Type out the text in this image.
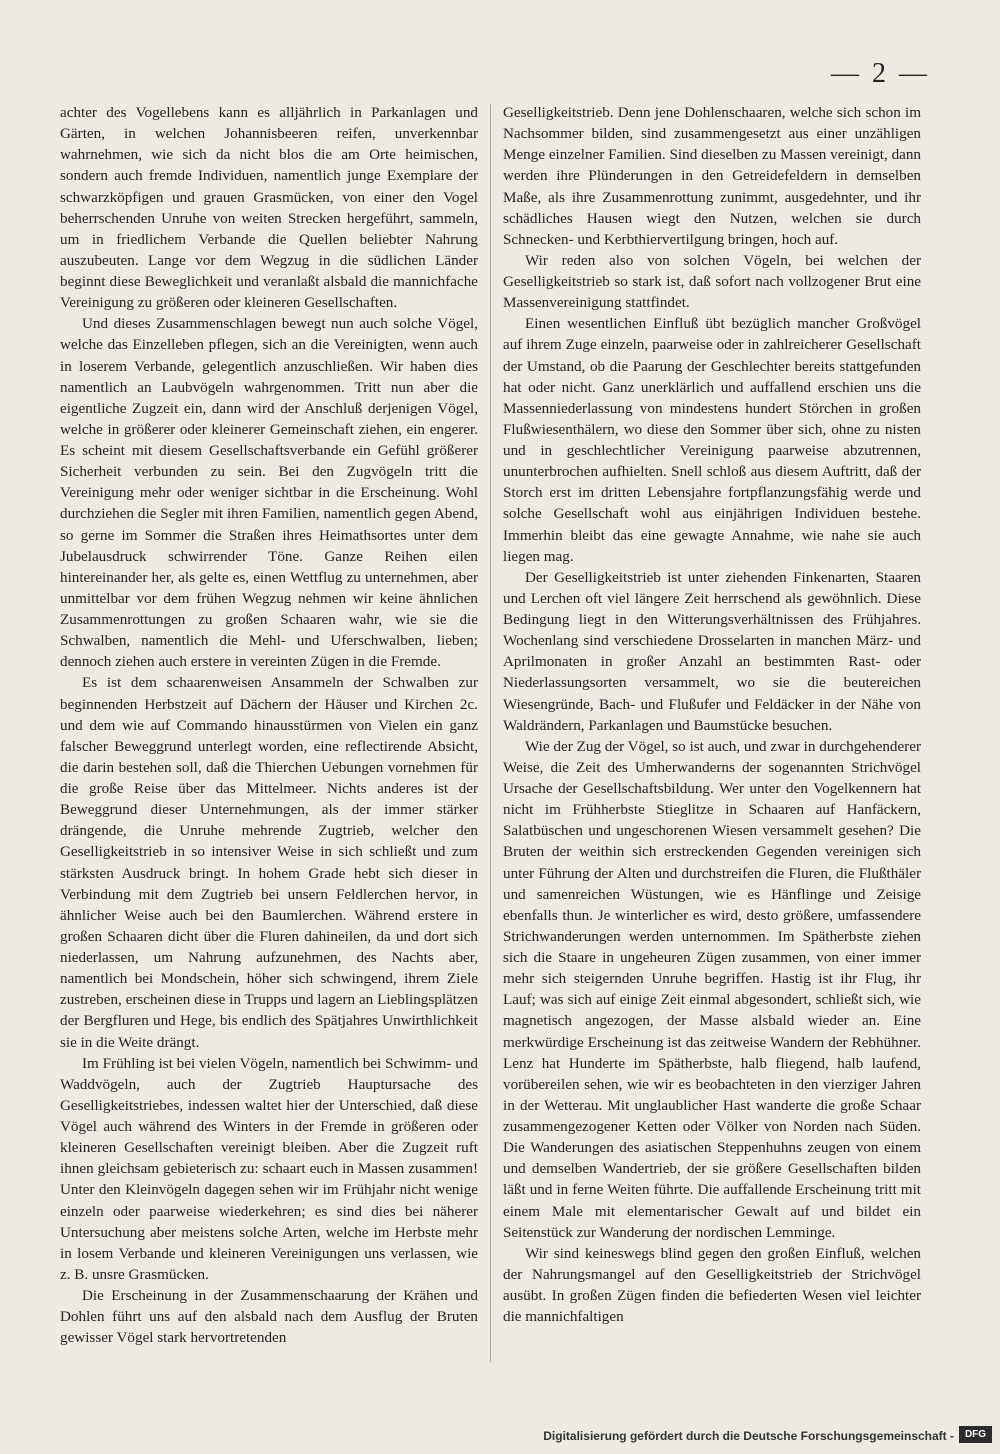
— 2 —

achter des Vogellebens kann es alljährlich in Parkanlagen und Gärten, in welchen Johannisbeeren reifen, unverkennbar wahrnehmen, wie sich da nicht blos die am Orte heimischen, sondern auch fremde Individuen, namentlich junge Exemplare der schwarzköpfigen und grauen Grasmücken, von einer den Vogel beherrschenden Unruhe von weiten Strecken hergeführt, sammeln, um in friedlichem Verbande die Quellen beliebter Nahrung auszubeuten. Lange vor dem Wegzug in die südlichen Länder beginnt diese Beweglichkeit und veranlaßt alsbald die mannichfache Vereinigung zu größeren oder kleineren Gesellschaften.

Und dieses Zusammenschlagen bewegt nun auch solche Vögel, welche das Einzelleben pflegen, sich an die Vereinigten, wenn auch in loserem Verbande, gelegentlich anzuschließen. Wir haben dies namentlich an Laubvögeln wahrgenommen. Tritt nun aber die eigentliche Zugzeit ein, dann wird der Anschluß derjenigen Vögel, welche in größerer oder kleinerer Gemeinschaft ziehen, ein engerer. Es scheint mit diesem Gesellschaftsverbande ein Gefühl größerer Sicherheit verbunden zu sein. Bei den Zugvögeln tritt die Vereinigung mehr oder weniger sichtbar in die Erscheinung. Wohl durchziehen die Segler mit ihren Familien, namentlich gegen Abend, so gerne im Sommer die Straßen ihres Heimathsortes unter dem Jubelausdruck schwirrender Töne. Ganze Reihen eilen hintereinander her, als gelte es, einen Wettflug zu unternehmen, aber unmittelbar vor dem frühen Wegzug nehmen wir keine ähnlichen Zusammenrottungen zu großen Schaaren wahr, wie sie die Schwalben, namentlich die Mehl- und Uferschwalben, lieben; dennoch ziehen auch erstere in vereinten Zügen in die Fremde.

Es ist dem schaarenweisen Ansammeln der Schwalben zur beginnenden Herbstzeit auf Dächern der Häuser und Kirchen 2c. und dem wie auf Commando hinausstürmen von Vielen ein ganz falscher Beweggrund unterlegt worden, eine reflectirende Absicht, die darin bestehen soll, daß die Thierchen Uebungen vornehmen für die große Reise über das Mittelmeer. Nichts anderes ist der Beweggrund dieser Unternehmungen, als der immer stärker drängende, die Unruhe mehrende Zugtrieb, welcher den Geselligkeitstrieb in so intensiver Weise in sich schließt und zum stärksten Ausdruck bringt. In hohem Grade hebt sich dieser in Verbindung mit dem Zugtrieb bei unsern Feldlerchen hervor, in ähnlicher Weise auch bei den Baumlerchen. Während erstere in großen Schaaren dicht über die Fluren dahineilen, da und dort sich niederlassen, um Nahrung aufzunehmen, des Nachts aber, namentlich bei Mondschein, höher sich schwingend, ihrem Ziele zustreben, erscheinen diese in Trupps und lagern an Lieblingsplätzen der Bergfluren und Hege, bis endlich des Spätjahres Unwirthlichkeit sie in die Weite drängt.

Im Frühling ist bei vielen Vögeln, namentlich bei Schwimm- und Waddvögeln, auch der Zugtrieb Hauptursache des Geselligkeitstriebes, indessen waltet hier der Unterschied, daß diese Vögel auch während des Winters in der Fremde in größeren oder kleineren Gesellschaften vereinigt bleiben. Aber die Zugzeit ruft ihnen gleichsam gebieterisch zu: schaart euch in Massen zusammen! Unter den Kleinvögeln dagegen sehen wir im Frühjahr nicht wenige einzeln oder paarweise wiederkehren; es sind dies bei näherer Untersuchung aber meistens solche Arten, welche im Herbste mehr in losem Verbande und kleineren Vereinigungen uns verlassen, wie z. B. unsre Grasmücken.

Die Erscheinung in der Zusammenschaarung der Krähen und Dohlen führt uns auf den alsbald nach dem Ausflug der Bruten gewisser Vögel stark hervortretenden

Geselligkeitstrieb. Denn jene Dohlenschaaren, welche sich schon im Nachsommer bilden, sind zusammengesetzt aus einer unzähligen Menge einzelner Familien. Sind dieselben zu Massen vereinigt, dann werden ihre Plünderungen in den Getreidefeldern in demselben Maße, als ihre Zusammenrottung zunimmt, ausgedehnter, und ihr schädliches Hausen wiegt den Nutzen, welchen sie durch Schnecken- und Kerbthiervertilgung bringen, hoch auf.

Wir reden also von solchen Vögeln, bei welchen der Geselligkeitstrieb so stark ist, daß sofort nach vollzogener Brut eine Massenvereinigung stattfindet.

Einen wesentlichen Einfluß übt bezüglich mancher Großvögel auf ihrem Zuge einzeln, paarweise oder in zahlreicherer Gesellschaft der Umstand, ob die Paarung der Geschlechter bereits stattgefunden hat oder nicht. Ganz unerklärlich und auffallend erschien uns die Massenniederlassung von mindestens hundert Störchen in großen Flußwiesenthälern, wo diese den Sommer über sich, ohne zu nisten und in geschlechtlicher Vereinigung paarweise abzutrennen, ununterbrochen aufhielten. Snell schloß aus diesem Auftritt, daß der Storch erst im dritten Lebensjahre fortpflanzungsfähig werde und solche Gesellschaft wohl aus einjährigen Individuen bestehe. Immerhin bleibt das eine gewagte Annahme, wie nahe sie auch liegen mag.

Der Geselligkeitstrieb ist unter ziehenden Finkenarten, Staaren und Lerchen oft viel längere Zeit herrschend als gewöhnlich. Diese Bedingung liegt in den Witterungsverhältnissen des Frühjahres. Wochenlang sind verschiedene Drosselarten in manchen März- und Aprilmonaten in großer Anzahl an bestimmten Rast- oder Niederlassungsorten versammelt, wo sie die beutereichen Wiesengründe, Bach- und Flußufer und Feldäcker in der Nähe von Waldrändern, Parkanlagen und Baumstücke besuchen.

Wie der Zug der Vögel, so ist auch, und zwar in durchgehenderer Weise, die Zeit des Umherwanderns der sogenannten Strichvögel Ursache der Gesellschaftsbildung. Wer unter den Vogelkennern hat nicht im Frühherbste Stieglitze in Schaaren auf Hanfäckern, Salatbüschen und ungeschorenen Wiesen versammelt gesehen? Die Bruten der weithin sich erstreckenden Gegenden vereinigen sich unter Führung der Alten und durchstreifen die Fluren, die Flußthäler und samenreichen Wüstungen, wie es Hänflinge und Zeisige ebenfalls thun. Je winterlicher es wird, desto größere, umfassendere Strichwanderungen werden unternommen. Im Spätherbste ziehen sich die Staare in ungeheuren Zügen zusammen, von einer immer mehr sich steigernden Unruhe begriffen. Hastig ist ihr Flug, ihr Lauf; was sich auf einige Zeit einmal abgesondert, schließt sich, wie magnetisch angezogen, der Masse alsbald wieder an. Eine merkwürdige Erscheinung ist das zeitweise Wandern der Rebhühner. Lenz hat Hunderte im Spätherbste, halb fliegend, halb laufend, vorübereilen sehen, wie wir es beobachteten in den vierziger Jahren in der Wetterau. Mit unglaublicher Hast wanderte die große Schaar zusammengezogener Ketten oder Völker von Norden nach Süden. Die Wanderungen des asiatischen Steppenhuhns zeugen von einem und demselben Wandertrieb, der sie größere Gesellschaften bilden läßt und in ferne Weiten führte. Die auffallende Erscheinung tritt mit einem Male mit elementarischer Gewalt auf und bildet ein Seitenstück zur Wanderung der nordischen Lemminge.

Wir sind keineswegs blind gegen den großen Einfluß, welchen der Nahrungsmangel auf den Geselligkeitstrieb der Strichvögel ausübt. In großen Zügen finden die befiederten Wesen viel leichter die mannichfaltigen

Digitalisierung gefördert durch die Deutsche Forschungsgemeinschaft -	DFG
